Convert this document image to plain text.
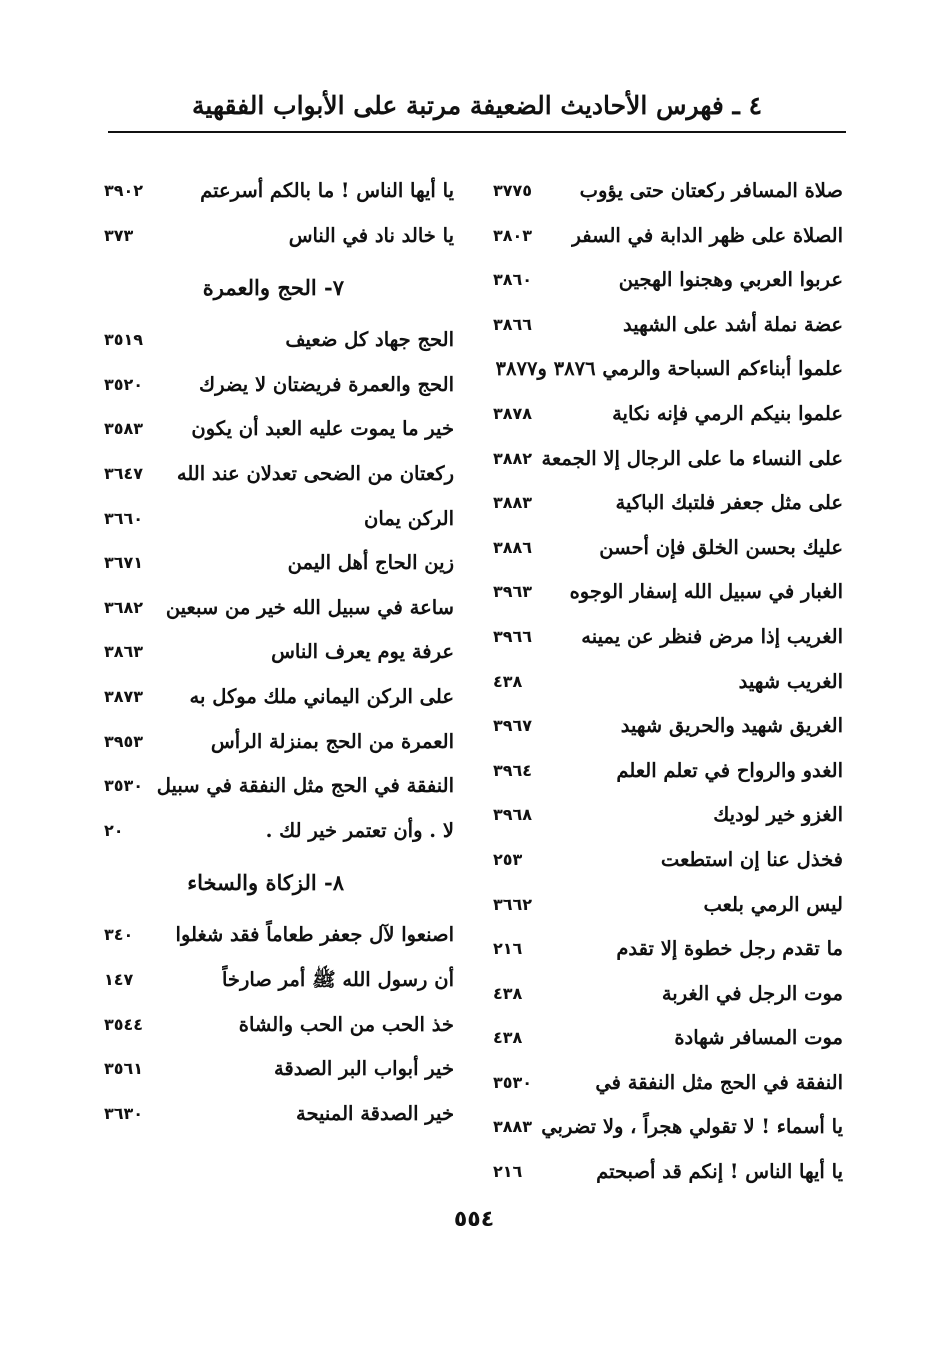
٤ ـ فهرس الأحاديث الضعيفة مرتبة على الأبواب الفقهية
صلاة المسافر ركعتان حتى يؤوب
٣٧٧٥
الصلاة على ظهر الدابة في السفر
٣٨٠٣
عربوا العربي وهجنوا الهجين
٣٨٦٠
عضة نملة أشد على الشهيد
٣٨٦٦
علموا أبناءكم السباحة والرمي ٣٨٧٦ و٣٨٧٧
علموا بنيكم الرمي فإنه نكاية
٣٨٧٨
على النساء ما على الرجال إلا الجمعة
٣٨٨٢
على مثل جعفر فلتبك الباكية
٣٨٨٣
عليك بحسن الخلق فإن أحسن
٣٨٨٦
الغبار في سبيل الله إسفار الوجوه
٣٩٦٣
الغريب إذا مرض فنظر عن يمينه
٣٩٦٦
الغريب شهيد
٤٣٨
الغريق شهيد والحريق شهيد
٣٩٦٧
الغدو والرواح في تعلم العلم
٣٩٦٤
الغزو خير لوديك
٣٩٦٨
فخذل عنا إن استطعت
٢٥٣
ليس الرمي بلعب
٣٦٦٢
ما تقدم رجل خطوة إلا تقدم
٢١٦
موت الرجل في الغربة
٤٣٨
موت المسافر شهادة
٤٣٨
النفقة في الحج مثل النفقة في
٣٥٣٠
يا أسماء ! لا تقولي هجراً ، ولا تضربي
٣٨٨٣
يا أيها الناس ! إنكم قد أصبحتم
٢١٦
يا أيها الناس ! ما بالكم أسرعتم
٣٩٠٢
يا خالد ناد في الناس
٣٧٣
٧- الحج والعمرة
الحج جهاد كل ضعيف
٣٥١٩
الحج والعمرة فريضتان لا يضرك
٣٥٢٠
خير ما يموت عليه العبد أن يكون
٣٥٨٣
ركعتان من الضحى تعدلان عند الله
٣٦٤٧
الركن يمان
٣٦٦٠
زين الحاج أهل اليمن
٣٦٧١
ساعة في سبيل الله خير من سبعين
٣٦٨٢
عرفة يوم يعرف الناس
٣٨٦٣
على الركن اليماني ملك موكل به
٣٨٧٣
العمرة من الحج بمنزلة الرأس
٣٩٥٣
النفقة في الحج مثل النفقة في سبيل
٣٥٣٠
لا . وأن تعتمر خير لك .
٢٠
٨- الزكاة والسخاء
اصنعوا لآل جعفر طعاماً فقد شغلوا
٣٤٠
أن رسول الله ﷺ أمر صارخاً
١٤٧
خذ الحب من الحب والشاة
٣٥٤٤
خير أبواب البر الصدقة
٣٥٦١
خير الصدقة المنيحة
٣٦٣٠
٥٥٤
